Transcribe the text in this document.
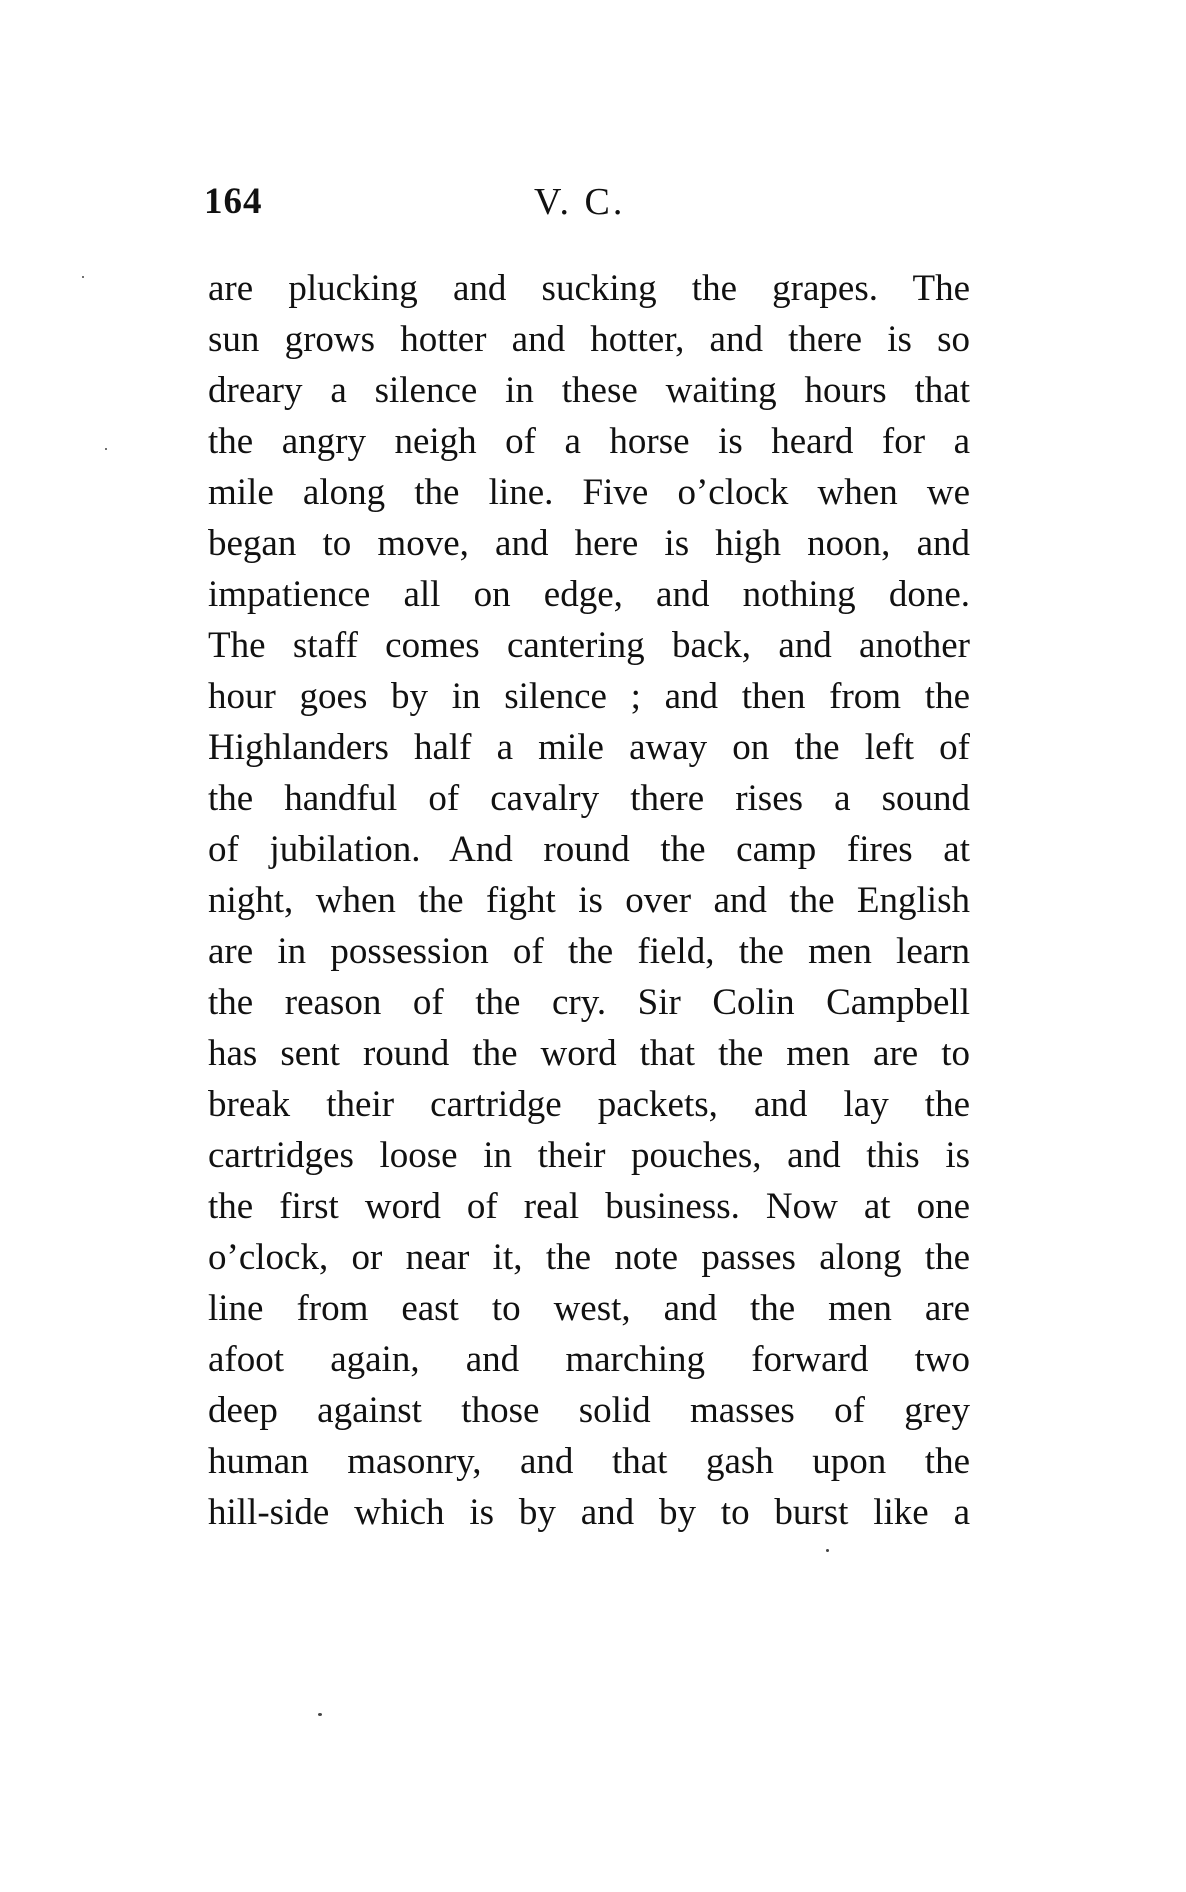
164	V. C.
are plucking and sucking the grapes. The
sun grows hotter and hotter, and there is so
dreary a silence in these waiting hours that
the angry neigh of a horse is heard for a
mile along the line. Five o’clock when we
began to move, and here is high noon, and
impatience all on edge, and nothing done.
The staff comes cantering back, and another
hour goes by in silence ; and then from the
Highlanders half a mile away on the left of
the handful of cavalry there rises a sound
of jubilation. And round the camp fires at
night, when the fight is over and the English
are in possession of the field, the men learn
the reason of the cry. Sir Colin Campbell
has sent round the word that the men are to
break their cartridge packets, and lay the
cartridges loose in their pouches, and this is
the first word of real business. Now at one
o’clock, or near it, the note passes along the
line from east to west, and the men are
afoot again, and marching forward two
deep against those solid masses of grey
human masonry, and that gash upon the
hill-side which is by and by to burst like a
